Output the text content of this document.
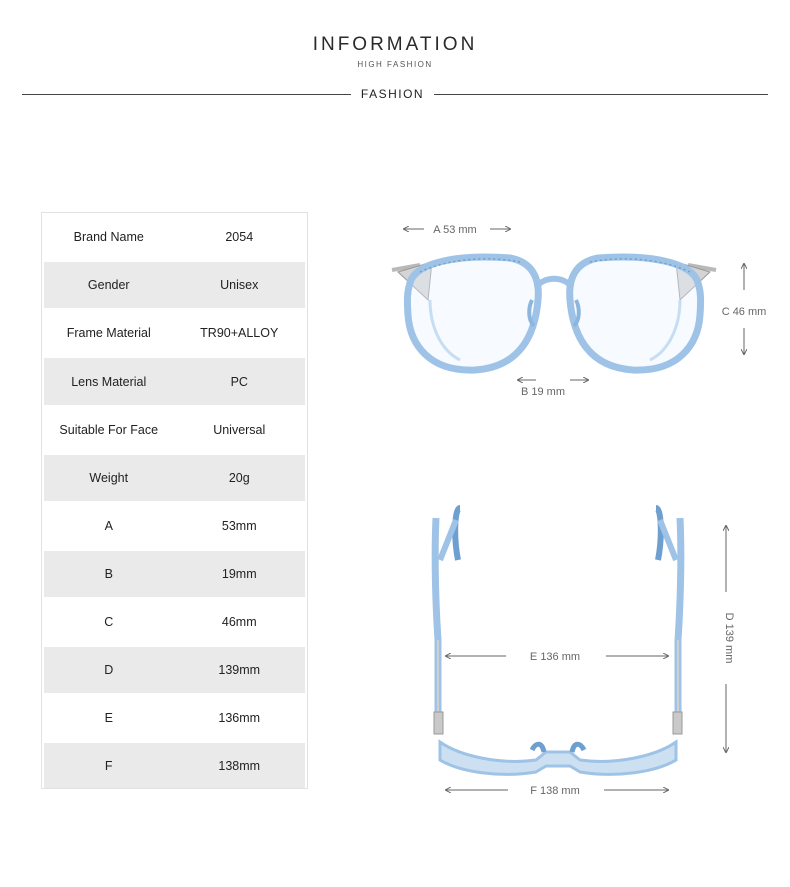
INFORMATION
HIGH FASHION
FASHION
Brand Name	2054
Gender	Unisex
Frame Material	TR90+ALLOY
Lens Material	PC
Suitable For Face	Universal
Weight	20g
A	53mm
B	19mm
C	46mm
D	139mm
E	136mm
F	138mm
A 53 mm
B 19 mm
C 46 mm
D 139 mm
E 136 mm
F 138 mm
